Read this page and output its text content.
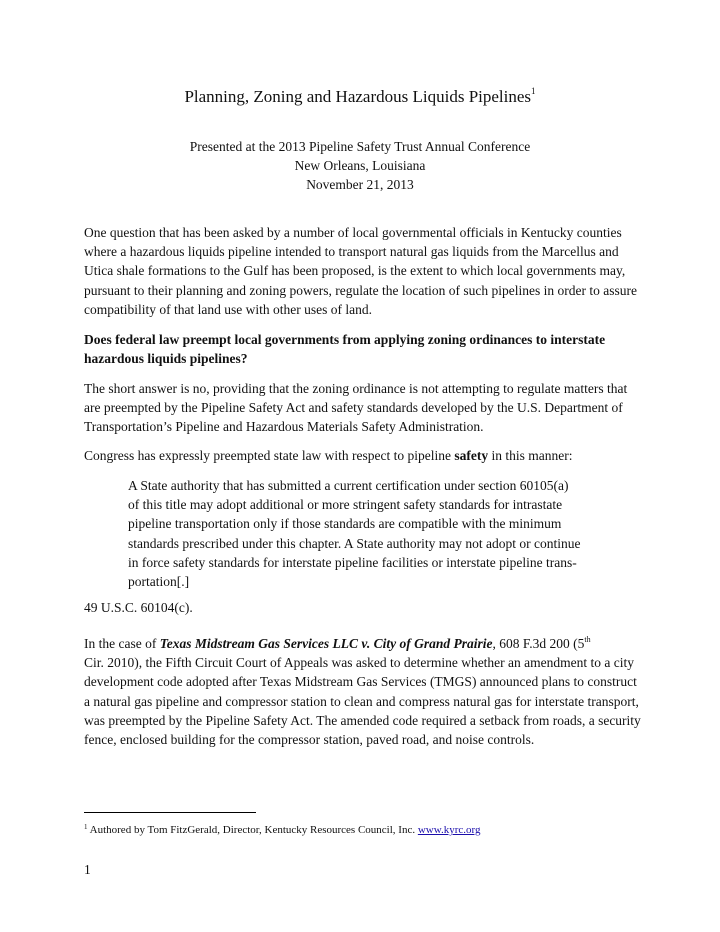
Planning, Zoning and Hazardous Liquids Pipelines$^1$
Presented at the 2013 Pipeline Safety Trust Annual Conference
New Orleans, Louisiana
November 21, 2013
One question that has been asked by a number of local governmental officials in Kentucky counties where a hazardous liquids pipeline intended to transport natural gas liquids from the Marcellus and Utica shale formations to the Gulf has been proposed, is the extent to which local governments may, pursuant to their planning and zoning powers, regulate the location of such pipelines in order to assure compatibility of that land use with other uses of land.
Does federal law preempt local governments from applying zoning ordinances to interstate hazardous liquids pipelines?
The short answer is no, providing that the zoning ordinance is not attempting to regulate matters that are preempted by the Pipeline Safety Act and safety standards developed by the U.S. Department of Transportation’s Pipeline and Hazardous Materials Safety Administration.
Congress has expressly preempted state law with respect to pipeline safety in this manner:
A State authority that has submitted a current certification under section 60105(a)
of this title may adopt additional or more stringent safety standards for intrastate
pipeline transportation only if those standards are compatible with the minimum
standards prescribed under this chapter. A State authority may not adopt or continue
in force safety standards for interstate pipeline facilities or interstate pipeline trans-
portation[.]
49 U.S.C. 60104(c).
In the case of Texas Midstream Gas Services LLC v. City of Grand Prairie, 608 F.3d 200 (5th
Cir. 2010), the Fifth Circuit Court of Appeals was asked to determine whether an amendment to a city development code adopted after Texas Midstream Gas Services (TMGS) announced plans to construct a natural gas pipeline and compressor station to clean and compress natural gas for interstate transport, was preempted by the Pipeline Safety Act. The amended code required a setback from roads, a security fence, enclosed building for the compressor station, paved road, and noise controls.
$^1$ Authored by Tom FitzGerald, Director, Kentucky Resources Council, Inc. www.kyrc.org
1
